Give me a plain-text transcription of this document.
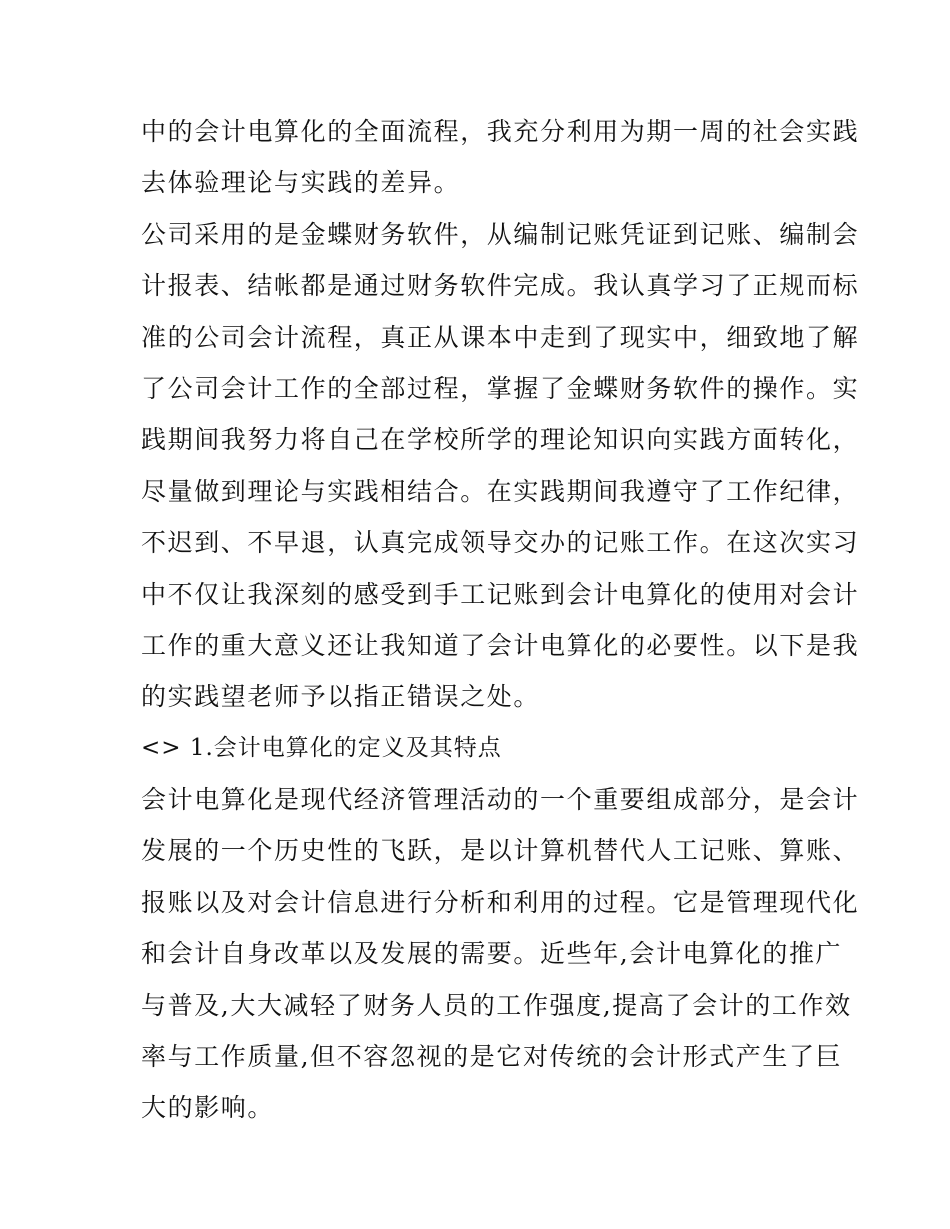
中的会计电算化的全面流程，我充分利用为期一周的社会实践
去体验理论与实践的差异。
公司采用的是金蝶财务软件，从编制记账凭证到记账、编制会
计报表、结帐都是通过财务软件完成。我认真学习了正规而标
准的公司会计流程，真正从课本中走到了现实中，细致地了解
了公司会计工作的全部过程，掌握了金蝶财务软件的操作。实
践期间我努力将自己在学校所学的理论知识向实践方面转化，
尽量做到理论与实践相结合。在实践期间我遵守了工作纪律，
不迟到、不早退，认真完成领导交办的记账工作。在这次实习
中不仅让我深刻的感受到手工记账到会计电算化的使用对会计
工作的重大意义还让我知道了会计电算化的必要性。以下是我
的实践望老师予以指正错误之处。
<> 1.会计电算化的定义及其特点
会计电算化是现代经济管理活动的一个重要组成部分，是会计
发展的一个历史性的飞跃，是以计算机替代人工记账、算账、
报账以及对会计信息进行分析和利用的过程。它是管理现代化
和会计自身改革以及发展的需要。近些年,会计电算化的推广
与普及,大大减轻了财务人员的工作强度,提高了会计的工作效
率与工作质量,但不容忽视的是它对传统的会计形式产生了巨
大的影响。
